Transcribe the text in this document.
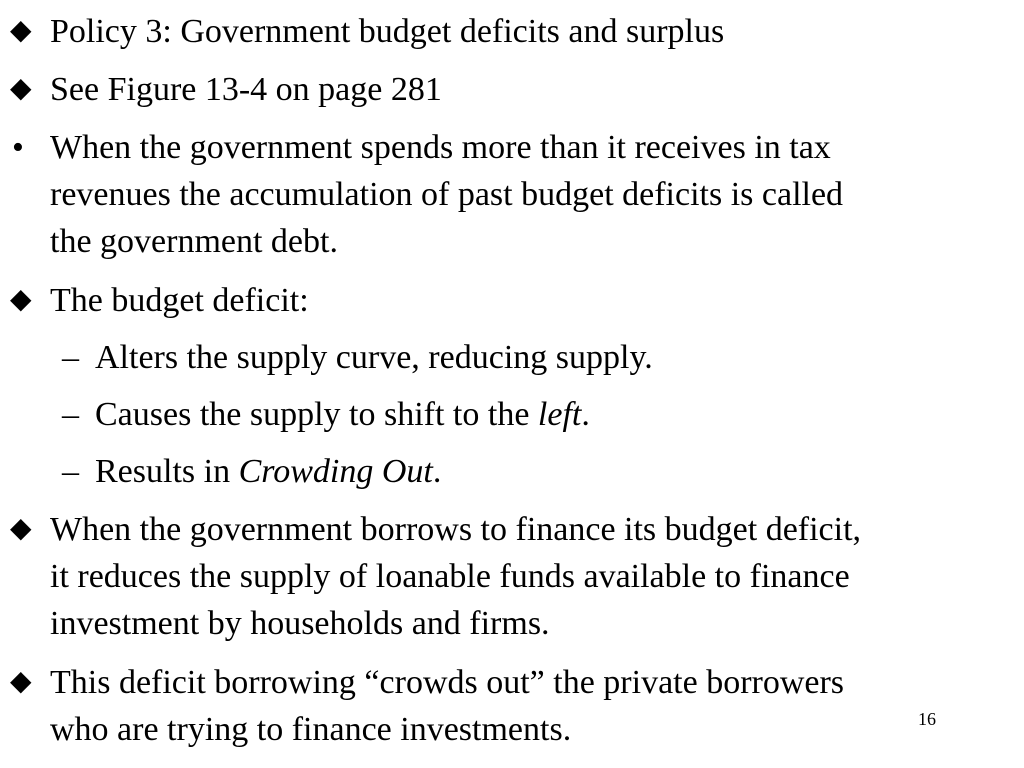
◆ Policy 3: Government budget deficits and surplus
◆ See Figure 13-4 on page 281
• When the government spends more than it receives in tax
revenues the accumulation of past budget deficits is called
the government debt.
◆ The budget deficit:
– Alters the supply curve, reducing supply.
– Causes the supply to shift to the left.
– Results in Crowding Out.
◆ When the government borrows to finance its budget deficit,
it reduces the supply of loanable funds available to finance
investment by households and firms.
◆ This deficit borrowing “crowds out” the private borrowers
who are trying to finance investments.	16
